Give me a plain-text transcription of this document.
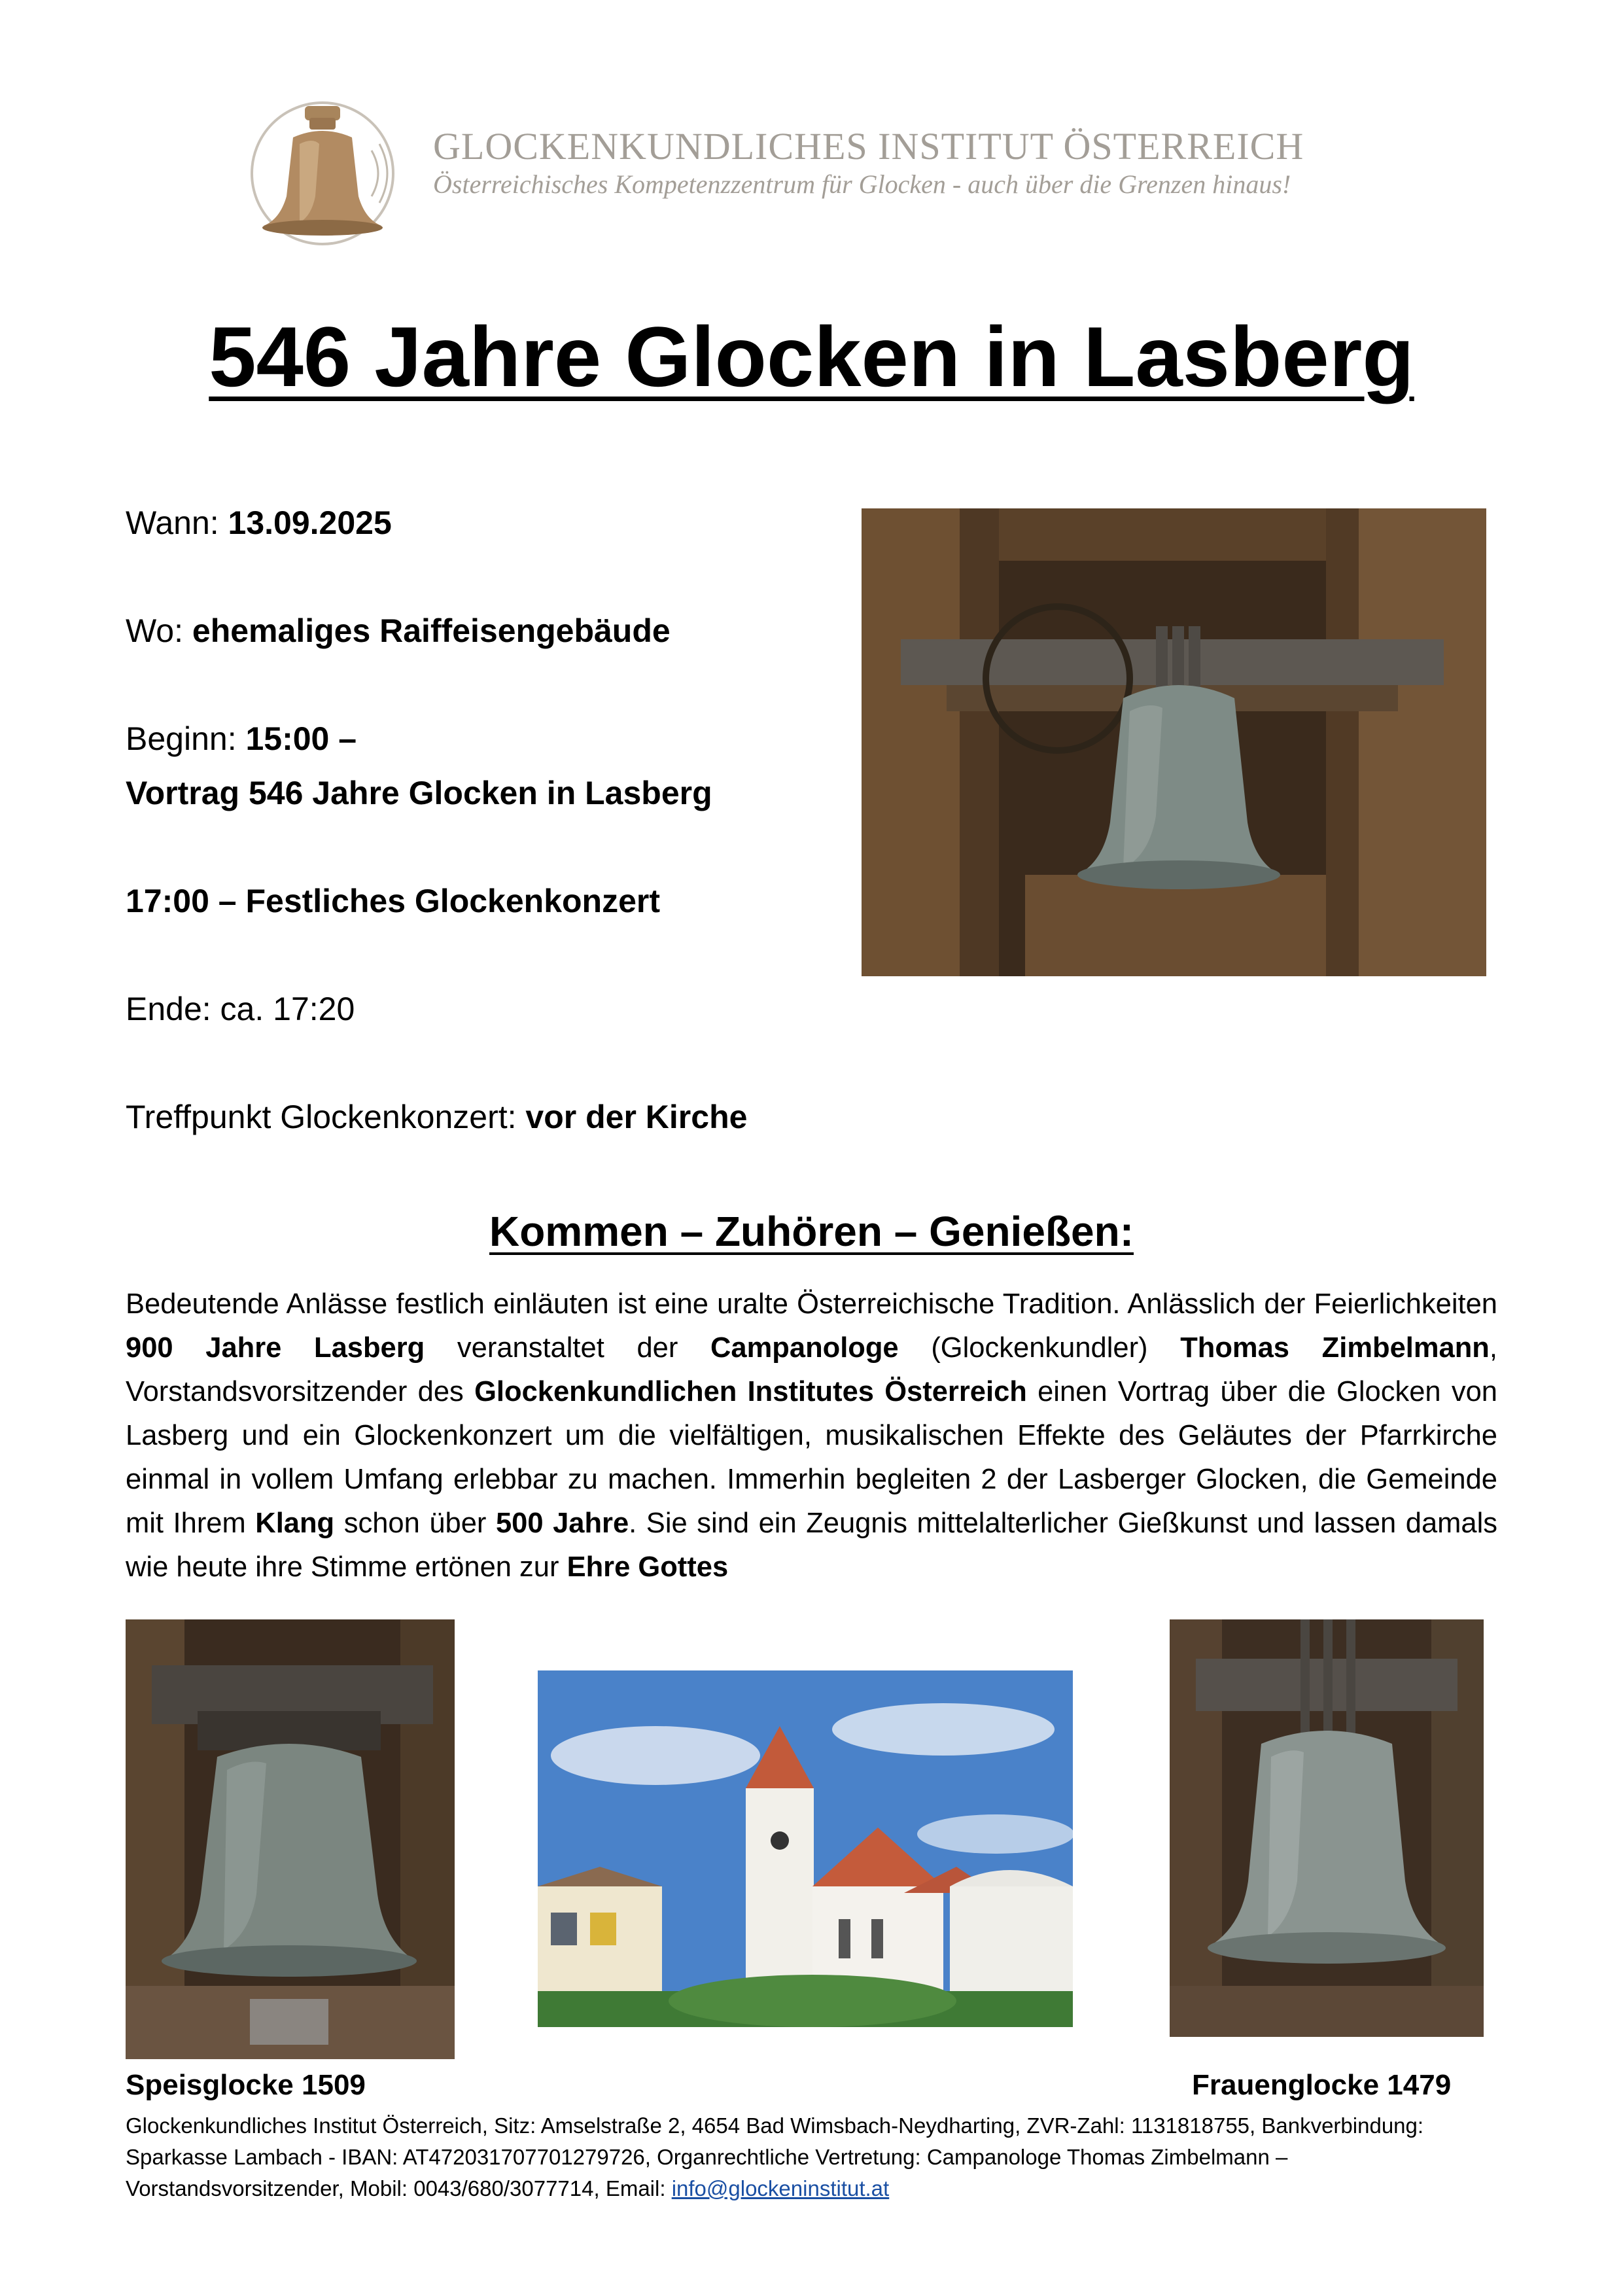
GLOCKENKUNDLICHES INSTITUT ÖSTERREICH
Österreichisches Kompetenzzentrum für Glocken - auch über die Grenzen hinaus!
546 Jahre Glocken in Lasberg
Wann: 13.09.2025
Wo: ehemaliges Raiffeisengebäude
Beginn: 15:00 –
Vortrag 546 Jahre Glocken in Lasberg
17:00 – Festliches Glockenkonzert
Ende: ca. 17:20
Treffpunkt Glockenkonzert: vor der Kirche
Kommen – Zuhören – Genießen:
Bedeutende Anlässe festlich einläuten ist eine uralte Österreichische Tradition. Anlässlich der Feierlichkeiten 900 Jahre Lasberg veranstaltet der Campanologe (Glockenkundler) Thomas Zimbelmann, Vorstandsvorsitzender des Glockenkundlichen Institutes Österreich einen Vortrag über die Glocken von Lasberg und ein Glockenkonzert um die vielfältigen, musikalischen Effekte des Geläutes der Pfarrkirche einmal in vollem Umfang erlebbar zu machen. Immerhin begleiten 2 der Lasberger Glocken, die Gemeinde mit Ihrem Klang schon über 500 Jahre. Sie sind ein Zeugnis mittelalterlicher Gießkunst und lassen damals wie heute ihre Stimme ertönen zur Ehre Gottes
Speisglocke 1509	Frauenglocke 1479
Glockenkundliches Institut Österreich, Sitz: Amselstraße 2, 4654 Bad Wimsbach-Neydharting, ZVR-Zahl: 1131818755, Bankverbindung: Sparkasse Lambach - IBAN: AT472031707701279726, Organrechtliche Vertretung: Campanologe Thomas Zimbelmann – Vorstandsvorsitzender, Mobil: 0043/680/3077714, Email: info@glockeninstitut.at
